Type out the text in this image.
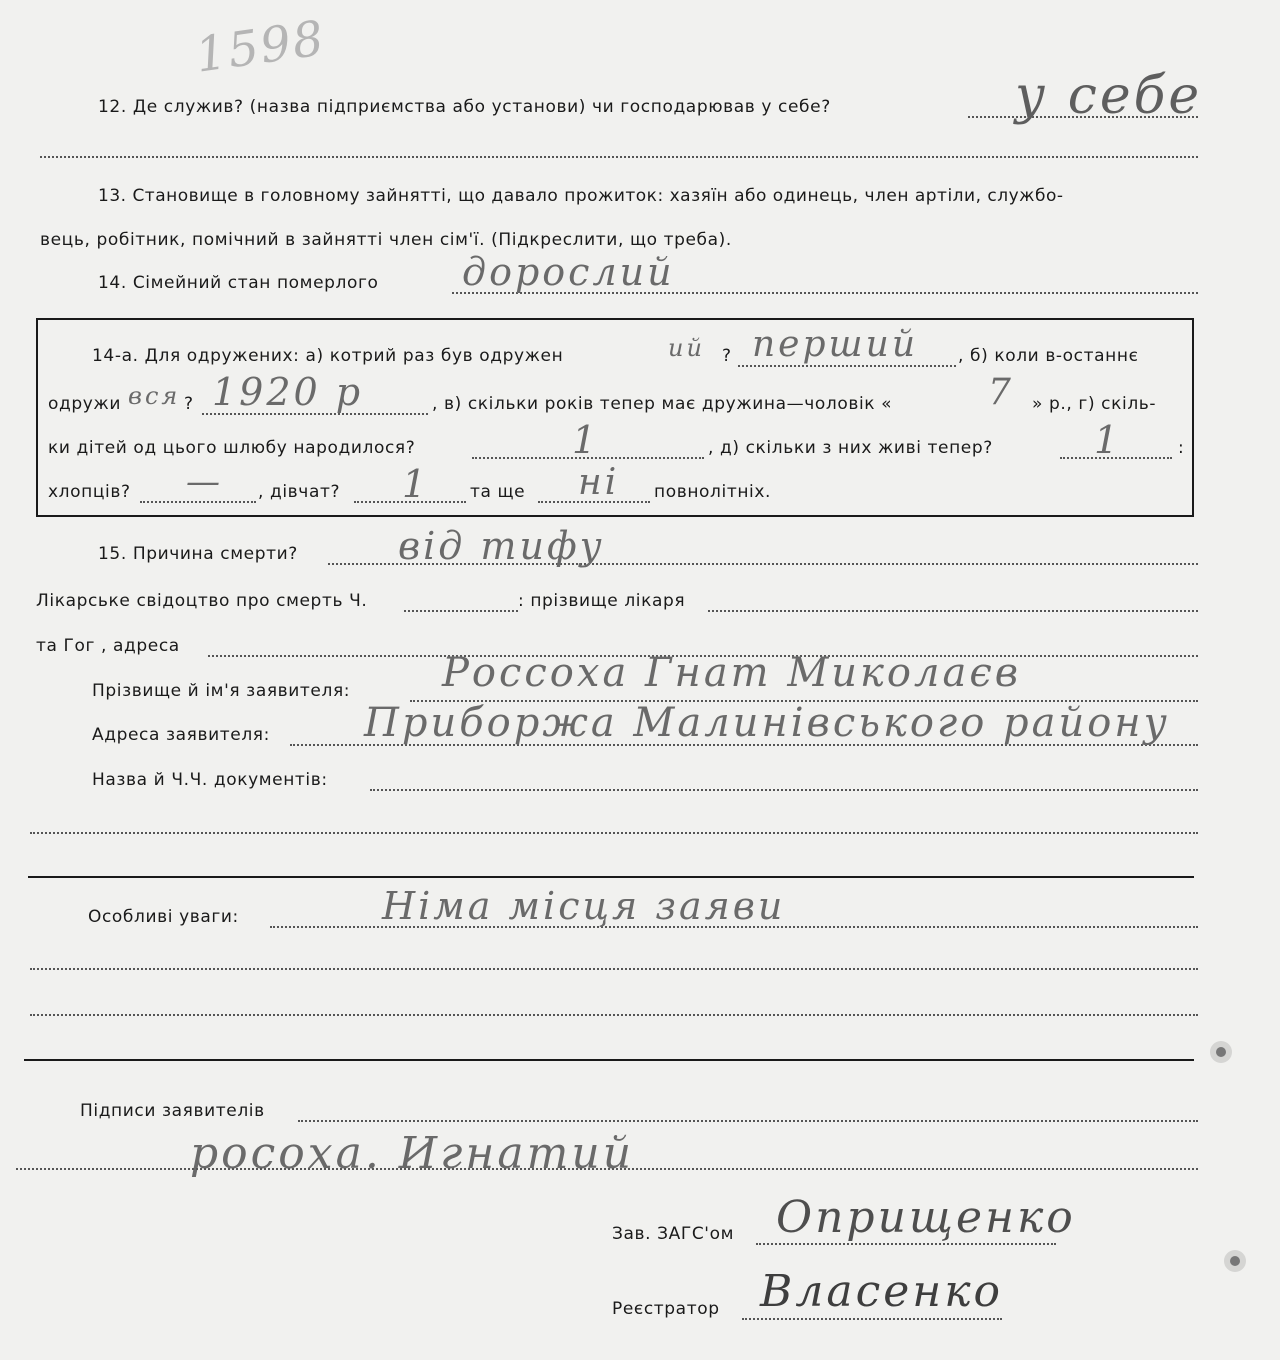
1598
12. Де служив? (назва підприємства або установи) чи господарював у себе?	у себе
13. Становище в головному зайнятті, що давало прожиток: хазяїн або одинець, член артіли, службо-
вець, робітник, помічний в зайнятті член сім'ї. (Підкреслити, що треба).
14. Сімейний стан померлого дорослий
14-а. Для одружених: а) котрий раз був одружен	ий ? перший , б) коли в-останнє
одружи вся ? 1920 р	, в) скільки років тепер має дружина—чоловік «	7 » р., г) скіль-
ки дітей од цього шлюбу народилося?	1	, д) скільки з них живі тепер?	1	:
хлопців? — , дівчат? 1 та ще ні повнолітніх.
15. Причина смерти?	від тифу
Лікарське свідоцтво про смерть Ч.	: прізвище лікаря
та Гог , адреса
Прізвище й ім'я заявителя: Россоха Гнат Миколаєв
Адреса заявителя: Приборжа Малинівського району
Назва й Ч.Ч. документів:
Особливі уваги:	Німа місця заяви
Підписи заявителів
росоха. Игнатий
Зав. ЗАГС'ом Оприщенко
Реєстратор Власенко
